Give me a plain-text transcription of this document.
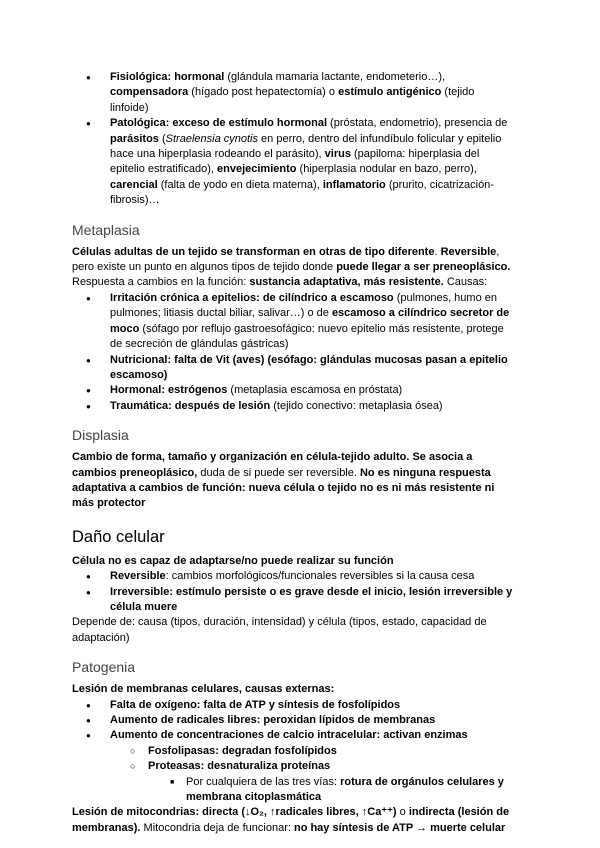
● Fisiológica: hormonal (glándula mamaria lactante, endometerio…), compensadora (hígado post hepatectomía) o estímulo antigénico (tejido linfoide)
● Patológica: exceso de estímulo hormonal (próstata, endometrio), presencia de parásitos (Straelensia cynotis en perro, dentro del infundíbulo folicular y epitelio hace una hiperplasia rodeando el parásito), virus (papiloma: hiperplasia del epitelio estratificado), envejecimiento (hiperplasia nodular en bazo, perro), carencial (falta de yodo en dieta materna), inflamatorio (prurito, cicatrización-fibrosis)…
Metaplasia

Células adultas de un tejido se transforman en otras de tipo diferente. Reversible, pero existe un punto en algunos tipos de tejido donde puede llegar a ser preneoplásico.

Respuesta a cambios en la función: sustancia adaptativa, más resistente. Causas:

● Irritación crónica a epitelios: de cilíndrico a escamoso (pulmones, humo en pulmones; litiasis ductal biliar, salivar…) o de escamoso a cilíndrico secretor de moco (sófago por reflujo gastroesofágico: nuevo epitelio más resistente, protege de secreción de glándulas gástricas)
● Nutricional: falta de Vit (aves) (esófago: glándulas mucosas pasan a epitelio escamoso)
● Hormonal: estrógenos (metaplasia escamosa en próstata)
● Traumática: después de lesión (tejido conectivo: metaplasia ósea)
Displasia

Cambio de forma, tamaño y organización en célula-tejido adulto. Se asocia a cambios preneoplásico, duda de si puede ser reversible. No es ninguna respuesta adaptativa a cambios de función: nueva célula o tejido no es ni más resistente ni más protector

Daño celular

Célula no es capaz de adaptarse/no puede realizar su función

● Reversible: cambios morfológicos/funcionales reversibles si la causa cesa
● Irreversible: estímulo persiste o es grave desde el inicio, lesión irreversible y célula muere

Depende de: causa (tipos, duración, intensidad) y célula (tipos, estado, capacidad de adaptación)

Patogenia

Lesión de membranas celulares, causas externas:

● Falta de oxígeno: falta de ATP y síntesis de fosfolípidos
● Aumento de radicales libres: peroxidan lípidos de membranas
● Aumento de concentraciones de calcio intracelular: activan enzimas
○ Fosfolipasas: degradan fosfolípidos
○ Proteasas: desnaturaliza proteínas
■ Por cualquiera de las tres vías: rotura de orgánulos celulares y membrana citoplasmática

Lesión de mitocondrias: directa (↓O₂, ↑radicales libres, ↑Ca⁺⁺) o indirecta (lesión de membranas). Mitocondria deja de funcionar: no hay síntesis de ATP → muerte celular
